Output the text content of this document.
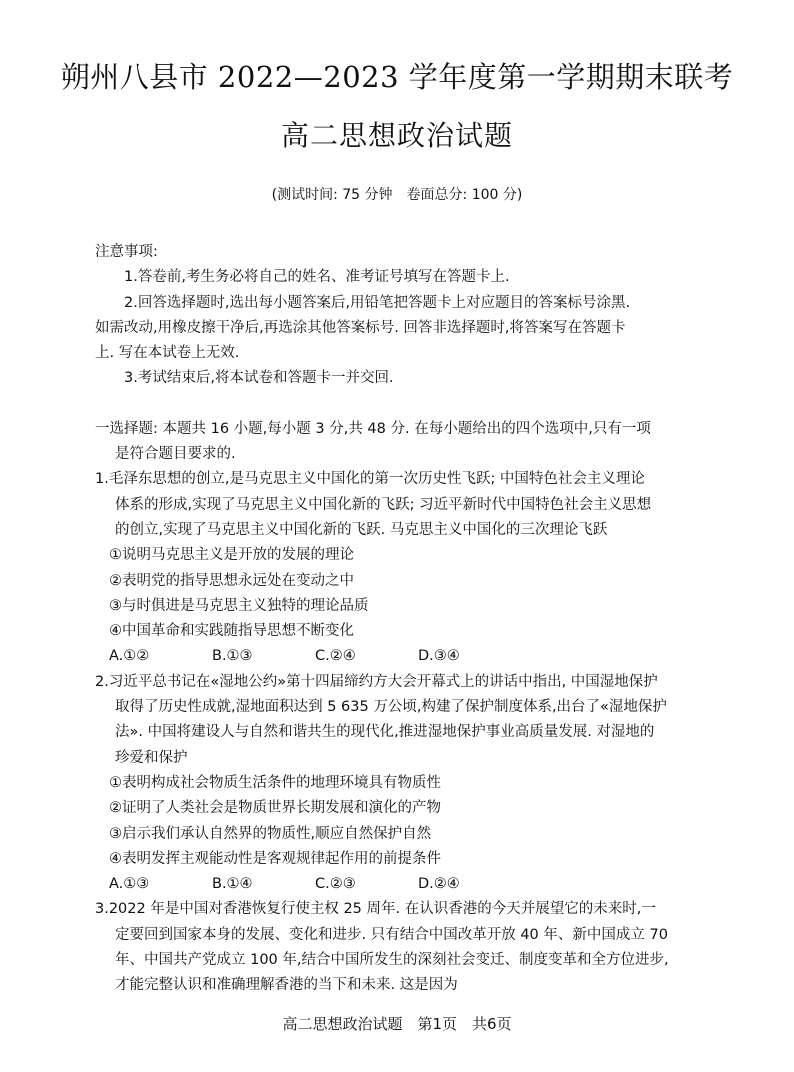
朔州八县市 2022—2023 学年度第一学期期末联考
高二思想政治试题
(测试时间: 75 分钟　卷面总分: 100 分)
注意事项:
1.答卷前,考生务必将自己的姓名、准考证号填写在答题卡上.
2.回答选择题时,选出每小题答案后,用铅笔把答题卡上对应题目的答案标号涂黑.
如需改动,用橡皮擦干净后,再选涂其他答案标号. 回答非选择题时,将答案写在答题卡
上. 写在本试卷上无效.
3.考试结束后,将本试卷和答题卡一并交回.
一选择题: 本题共 16 小题,每小题 3 分,共 48 分. 在每小题给出的四个选项中,只有一项
是符合题目要求的.
1.毛泽东思想的创立,是马克思主义中国化的第一次历史性飞跃; 中国特色社会主义理论
体系的形成,实现了马克思主义中国化新的飞跃; 习近平新时代中国特色社会主义思想
的创立,实现了马克思主义中国化新的飞跃. 马克思主义中国化的三次理论飞跃
①说明马克思主义是开放的发展的理论
②表明党的指导思想永远处在变动之中
③与时俱进是马克思主义独特的理论品质
④中国革命和实践随指导思想不断变化
A.①②	B.①③	C.②④	D.③④
2.习近平总书记在«湿地公约»第十四届缔约方大会开幕式上的讲话中指出, 中国湿地保护
取得了历史性成就,湿地面积达到 5 635 万公顷,构建了保护制度体系,出台了«湿地保护
法». 中国将建设人与自然和谐共生的现代化,推进湿地保护事业高质量发展. 对湿地的
珍爱和保护
①表明构成社会物质生活条件的地理环境具有物质性
②证明了人类社会是物质世界长期发展和演化的产物
③启示我们承认自然界的物质性,顺应自然保护自然
④表明发挥主观能动性是客观规律起作用的前提条件
A.①③	B.①④	C.②③	D.②④
3.2022 年是中国对香港恢复行使主权 25 周年. 在认识香港的今天并展望它的未来时,一
定要回到国家本身的发展、变化和进步. 只有结合中国改革开放 40 年、新中国成立 70
年、中国共产党成立 100 年,结合中国所发生的深刻社会变迁、制度变革和全方位进步,
才能完整认识和准确理解香港的当下和未来. 这是因为
高二思想政治试题　第1页　共6页
